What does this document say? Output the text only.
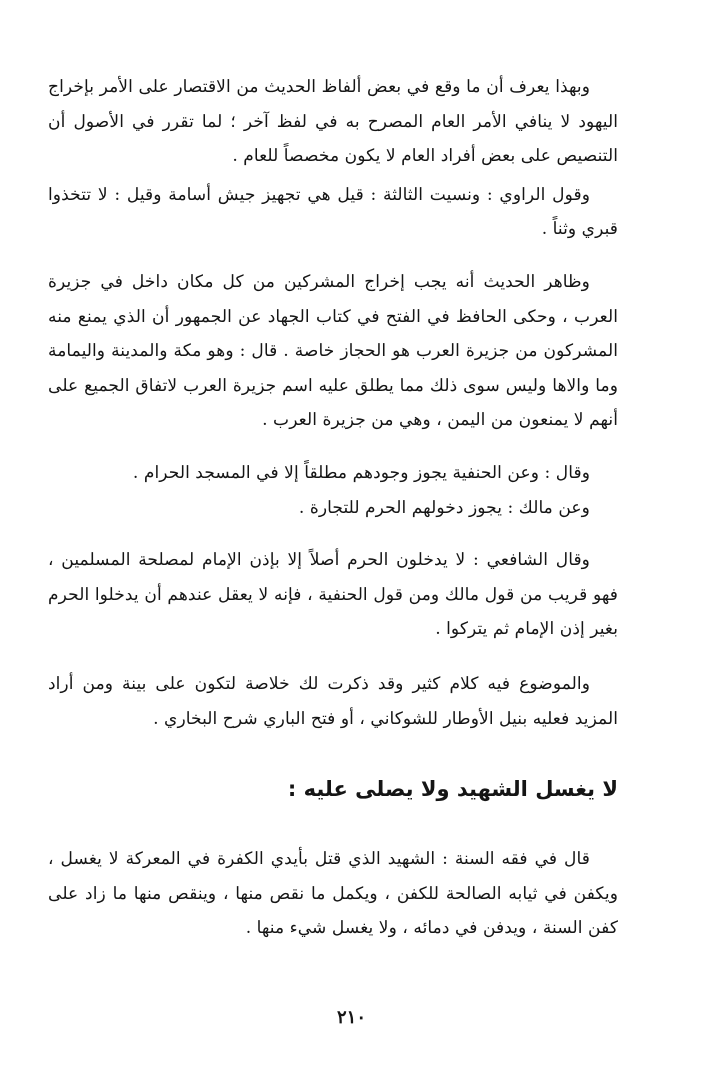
وبهذا يعرف أن ما وقع في بعض ألفاظ الحديث من الاقتصار على الأمر بإخراج اليهود لا ينافي الأمر العام المصرح به في لفظ آخر ؛ لما تقرر في الأصول أن التنصيص على بعض أفراد العام لا يكون مخصصاً للعام .

وقول الراوي : ونسيت الثالثة : قيل هي تجهيز جيش أسامة وقيل : لا تتخذوا قبري وثناً .

وظاهر الحديث أنه يجب إخراج المشركين من كل مكان داخل في جزيرة العرب ، وحكى الحافظ في الفتح في كتاب الجهاد عن الجمهور أن الذي يمنع منه المشركون من جزيرة العرب هو الحجاز خاصة . قال : وهو مكة والمدينة واليمامة وما والاها وليس سوى ذلك مما يطلق عليه اسم جزيرة العرب لاتفاق الجميع على أنهم لا يمنعون من اليمن ، وهي من جزيرة العرب .

وقال : وعن الحنفية يجوز وجودهم مطلقاً إلا في المسجد الحرام .

وعن مالك : يجوز دخولهم الحرم للتجارة .

وقال الشافعي : لا يدخلون الحرم أصلاً إلا بإذن الإمام لمصلحة المسلمين ، فهو قريب من قول مالك ومن قول الحنفية ، فإنه لا يعقل عندهم أن يدخلوا الحرم بغير إذن الإمام ثم يتركوا .

والموضوع فيه كلام كثير وقد ذكرت لك خلاصة لتكون على بينة ومن أراد المزيد فعليه بنيل الأوطار للشوكاني ، أو فتح الباري شرح البخاري .

لا يغسل الشهيد ولا يصلى عليه :

قال في فقه السنة : الشهيد الذي قتل بأيدي الكفرة في المعركة لا يغسل ، ويكفن في ثيابه الصالحة للكفن ، ويكمل ما نقص منها ، وينقص منها ما زاد على كفن السنة ، ويدفن في دمائه ، ولا يغسل شيء منها .

٢١٠
